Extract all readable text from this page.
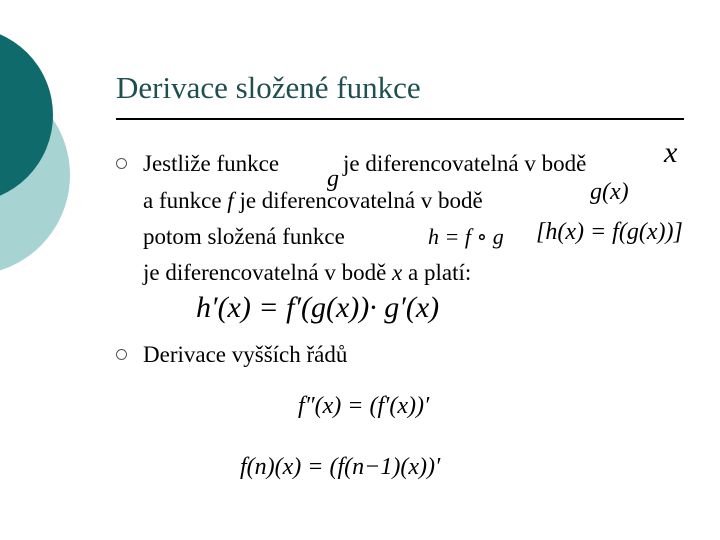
Derivace složené funkce
Jestliže funkce
g
je diferencovatelná v bodě	x
a funkce f je diferencovatelná v bodě	g(x)
potom složená funkce	h = f ∘ g [h(x) = f(g(x))]
je diferencovatelná v bodě x a platí:
h′(x) = f′(g(x))· g′(x)
Derivace vyšších řádů
f″(x) = (f′(x))′
f(n)(x) = (f(n−1)(x))′
